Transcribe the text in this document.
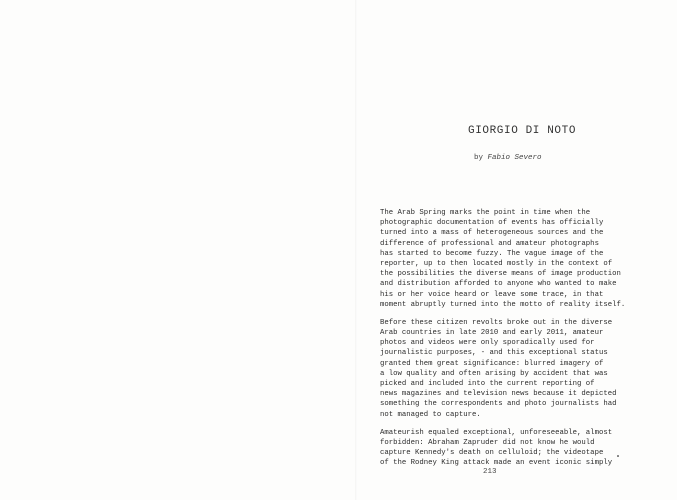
GIORGIO DI NOTO
by Fabio Severo
The Arab Spring marks the point in time when the
photographic documentation of events has officially
turned into a mass of heterogeneous sources and the
difference of professional and amateur photographs
has started to become fuzzy. The vague image of the
reporter, up to then located mostly in the context of
the possibilities the diverse means of image production
and distribution afforded to anyone who wanted to make
his or her voice heard or leave some trace, in that
moment abruptly turned into the motto of reality itself.
Before these citizen revolts broke out in the diverse
Arab countries in late 2010 and early 2011, amateur
photos and videos were only sporadically used for
journalistic purposes, - and this exceptional status
granted them great significance: blurred imagery of
a low quality and often arising by accident that was
picked and included into the current reporting of
news magazines and television news because it depicted
something the correspondents and photo journalists had
not managed to capture.
Amateurish equaled exceptional, unforeseeable, almost
forbidden: Abraham Zapruder did not know he would
capture Kennedy's death on celluloid; the videotape
of the Rodney King attack made an event iconic simply
213
